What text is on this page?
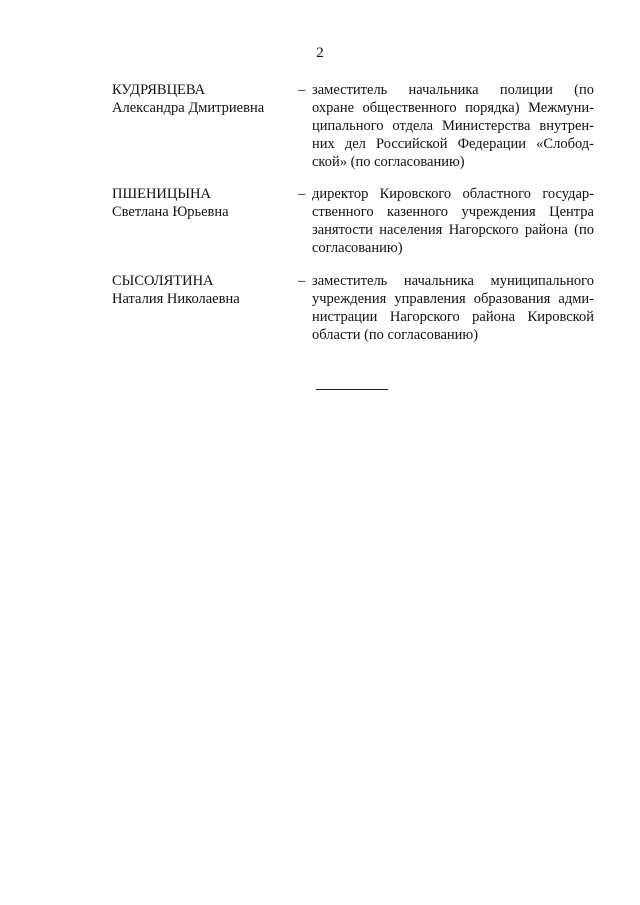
2
КУДРЯВЦЕВА
Александра Дмитриевна
– заместитель начальника полиции (по
охране общественного порядка) Межмуни-
ципального отдела Министерства внутрен-
них дел Российской Федерации «Слобод-
ской» (по согласованию)
ПШЕНИЦЫНА
Светлана Юрьевна
– директор Кировского областного государ-
ственного казенного учреждения Центра
занятости населения Нагорского района (по
согласованию)
СЫСОЛЯТИНА
Наталия Николаевна
– заместитель начальника муниципального
учреждения управления образования адми-
нистрации Нагорского района Кировской
области (по согласованию)
